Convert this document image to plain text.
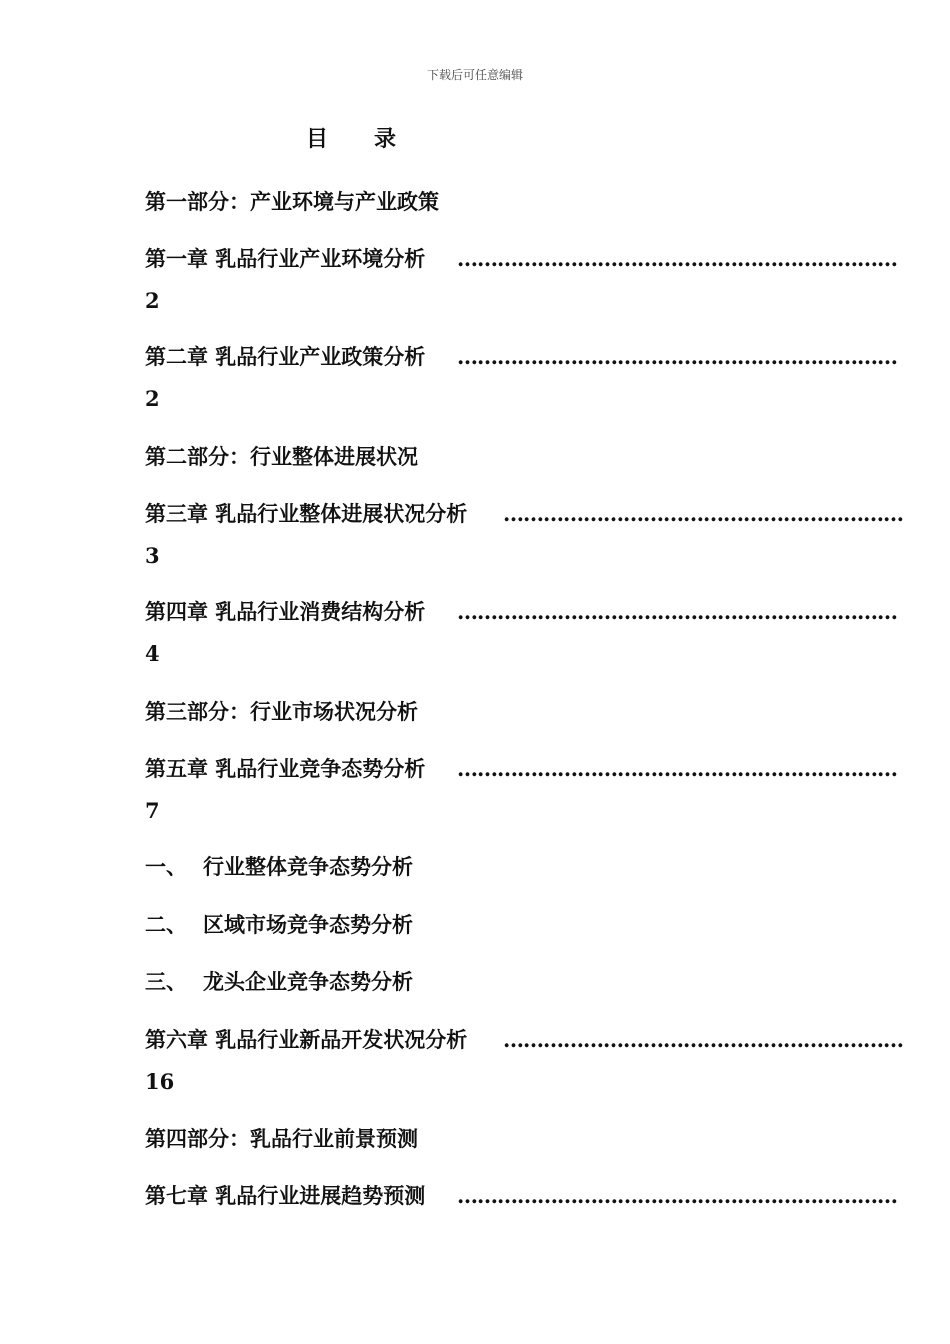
下载后可任意编辑
目 录
第一部分：产业环境与产业政策
第一章 乳品行业产业环境分析 …………………………………………………………
2
第二章 乳品行业产业政策分析 …………………………………………………………
2
第二部分：行业整体进展状况
第三章 乳品行业整体进展状况分析 ……………………………………………………
3
第四章 乳品行业消费结构分析 …………………………………………………………
4
第三部分：行业市场状况分析
第五章 乳品行业竞争态势分析 …………………………………………………………
7
一、 行业整体竞争态势分析
二、 区域市场竞争态势分析
三、 龙头企业竞争态势分析
第六章 乳品行业新品开发状况分析 ……………………………………………………
16
第四部分：乳品行业前景预测
第七章 乳品行业进展趋势预测 …………………………………………………………
